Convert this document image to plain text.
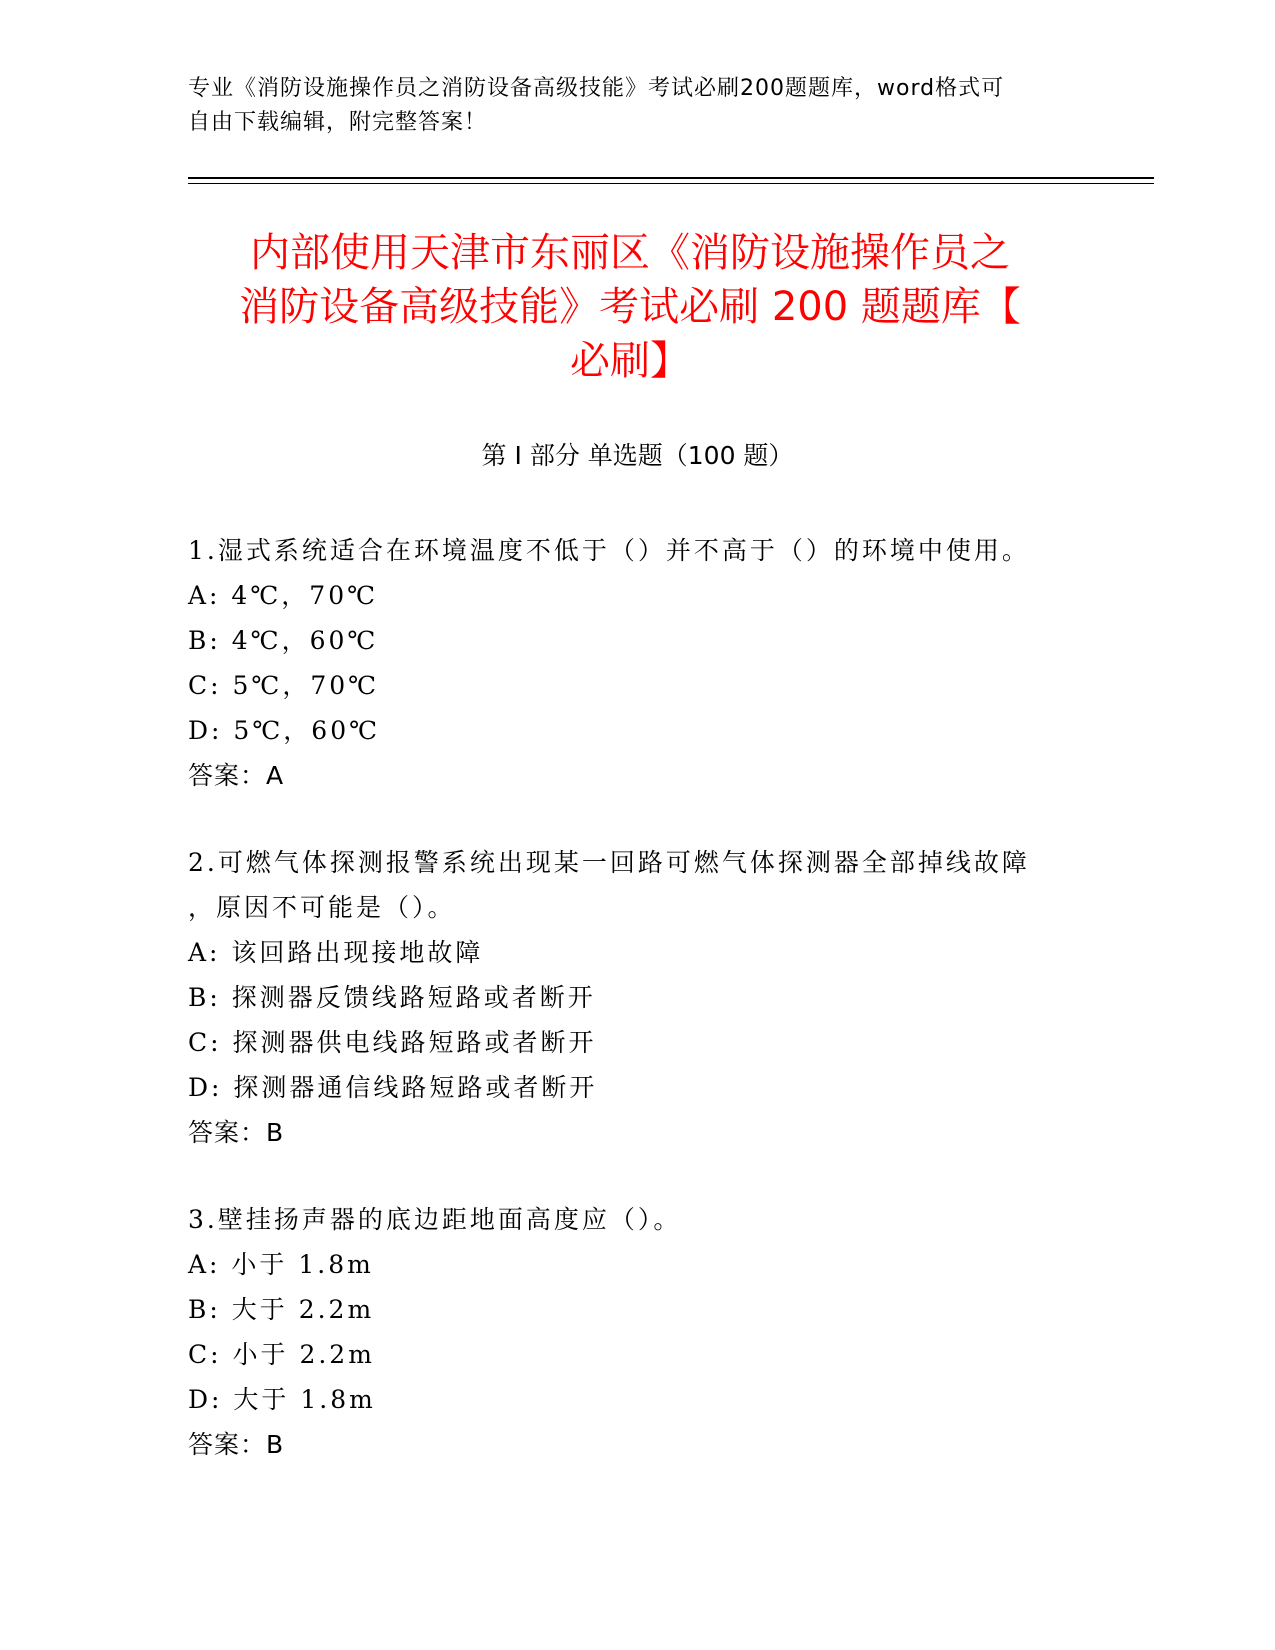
专业《消防设施操作员之消防设备高级技能》考试必刷200题题库，word格式可
自由下载编辑，附完整答案！
内部使用天津市东丽区《消防设施操作员之
消防设备高级技能》考试必刷 200 题题库【
必刷】
第 I 部分 单选题（100 题）
1.湿式系统适合在环境温度不低于（）并不高于（）的环境中使用。
A: 4℃，70℃
B: 4℃，60℃
C: 5℃，70℃
D: 5℃，60℃
答案：A
2.可燃气体探测报警系统出现某一回路可燃气体探测器全部掉线故障
，原因不可能是（）。
A: 该回路出现接地故障
B: 探测器反馈线路短路或者断开
C: 探测器供电线路短路或者断开
D: 探测器通信线路短路或者断开
答案：B
3.壁挂扬声器的底边距地面高度应（）。
A: 小于 1.8m
B: 大于 2.2m
C: 小于 2.2m
D: 大于 1.8m
答案：B
